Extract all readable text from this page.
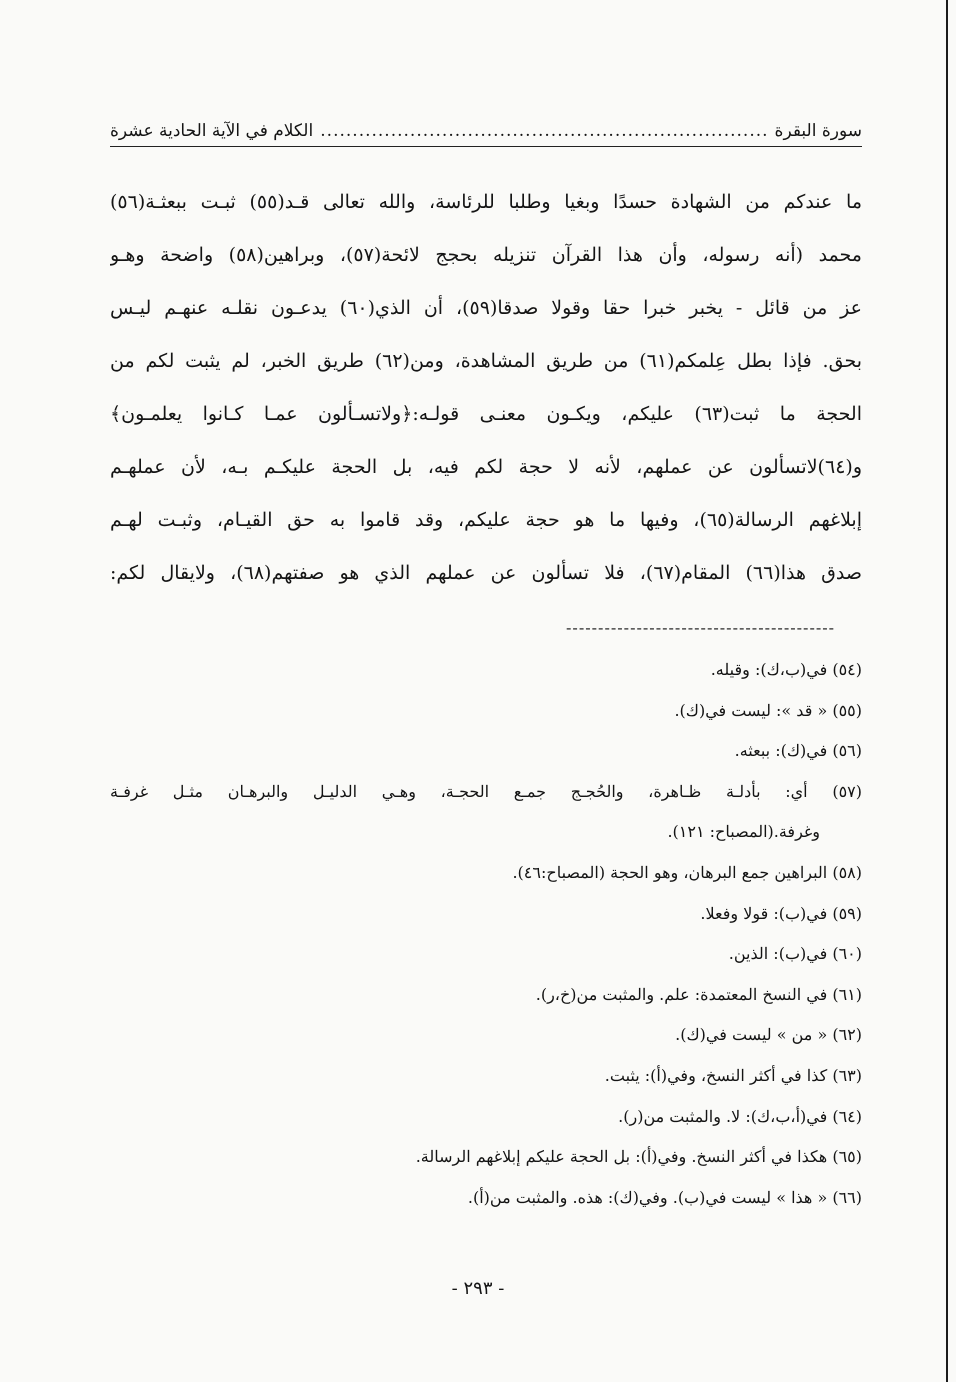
سورة البقرة
.....
الكلام في الآية الحادية عشرة
ما عندكم من الشهادة حسدًا وبغيا وطلبا للرئاسة، والله تعالى قـد(٥٥) ثبـت ببعثـة(٥٦)
محمد (أنه رسوله، وأن هذا القرآن تنزيله بحجج لائحة(٥٧)، وبراهين(٥٨) واضحة وهـو
عز من قائل - يخبر خبرا حقا وقولا صدقا(٥٩)، أن الذي(٦٠) يدعـون نقلـه عنهـم ليـس
بحق. فإذا بطل عِلمكم(٦١) من طريق المشاهدة، ومن(٦٢) طريق الخبر، لم يثبت لكم من
الحجة ما ثبت(٦٣) عليكم، ويكـون معنـى قولـه:﴿ولاتسـألون عمـا كـانوا يعلمـون﴾
و(٦٤)لاتسألون عن عملهم، لأنه لا حجة لكم فيه، بل الحجة عليكـم بـه، لأن عملهـم
إبلاغهم الرسالة(٦٥)، وفيها ما هو حجة عليكم، وقد قاموا به حق القيـام، وثبـت لهـم
صدق هذا(٦٦) المقام(٦٧)، فلا تسألون عن عملهم الذي هو صفتهم(٦٨)، ولايقال لكم:
-----
(٥٤) في(ب،ك): وقيله.
(٥٥) « قد »: ليست في(ك).
(٥٦) في(ك): ببعثه.
(٥٧) أي: بأدلـة ظـاهرة، والحُجـج جمـع الحجـة، وهـي الدليـل والبرهـان مثـل غرفـة
وغرفة.(المصباح: ١٢١).
(٥٨) البراهين جمع البرهان، وهو الحجة (المصباح:٤٦).
(٥٩) في(ب): قولا وفعلا.
(٦٠) في(ب): الذين.
(٦١) في النسخ المعتمدة: علم. والمثبت من(خ،ر).
(٦٢) « من » ليست في(ك).
(٦٣) كذا في أكثر النسخ، وفي(أ): يثبت.
(٦٤) في(أ،ب،ك): لا. والمثبت من(ر).
(٦٥) هكذا في أكثر النسخ. وفي(أ): بل الحجة عليكم إبلاغهم الرسالة.
(٦٦) « هذا » ليست في(ب). وفي(ك): هذه. والمثبت من(أ).
- ٢٩٣ -
